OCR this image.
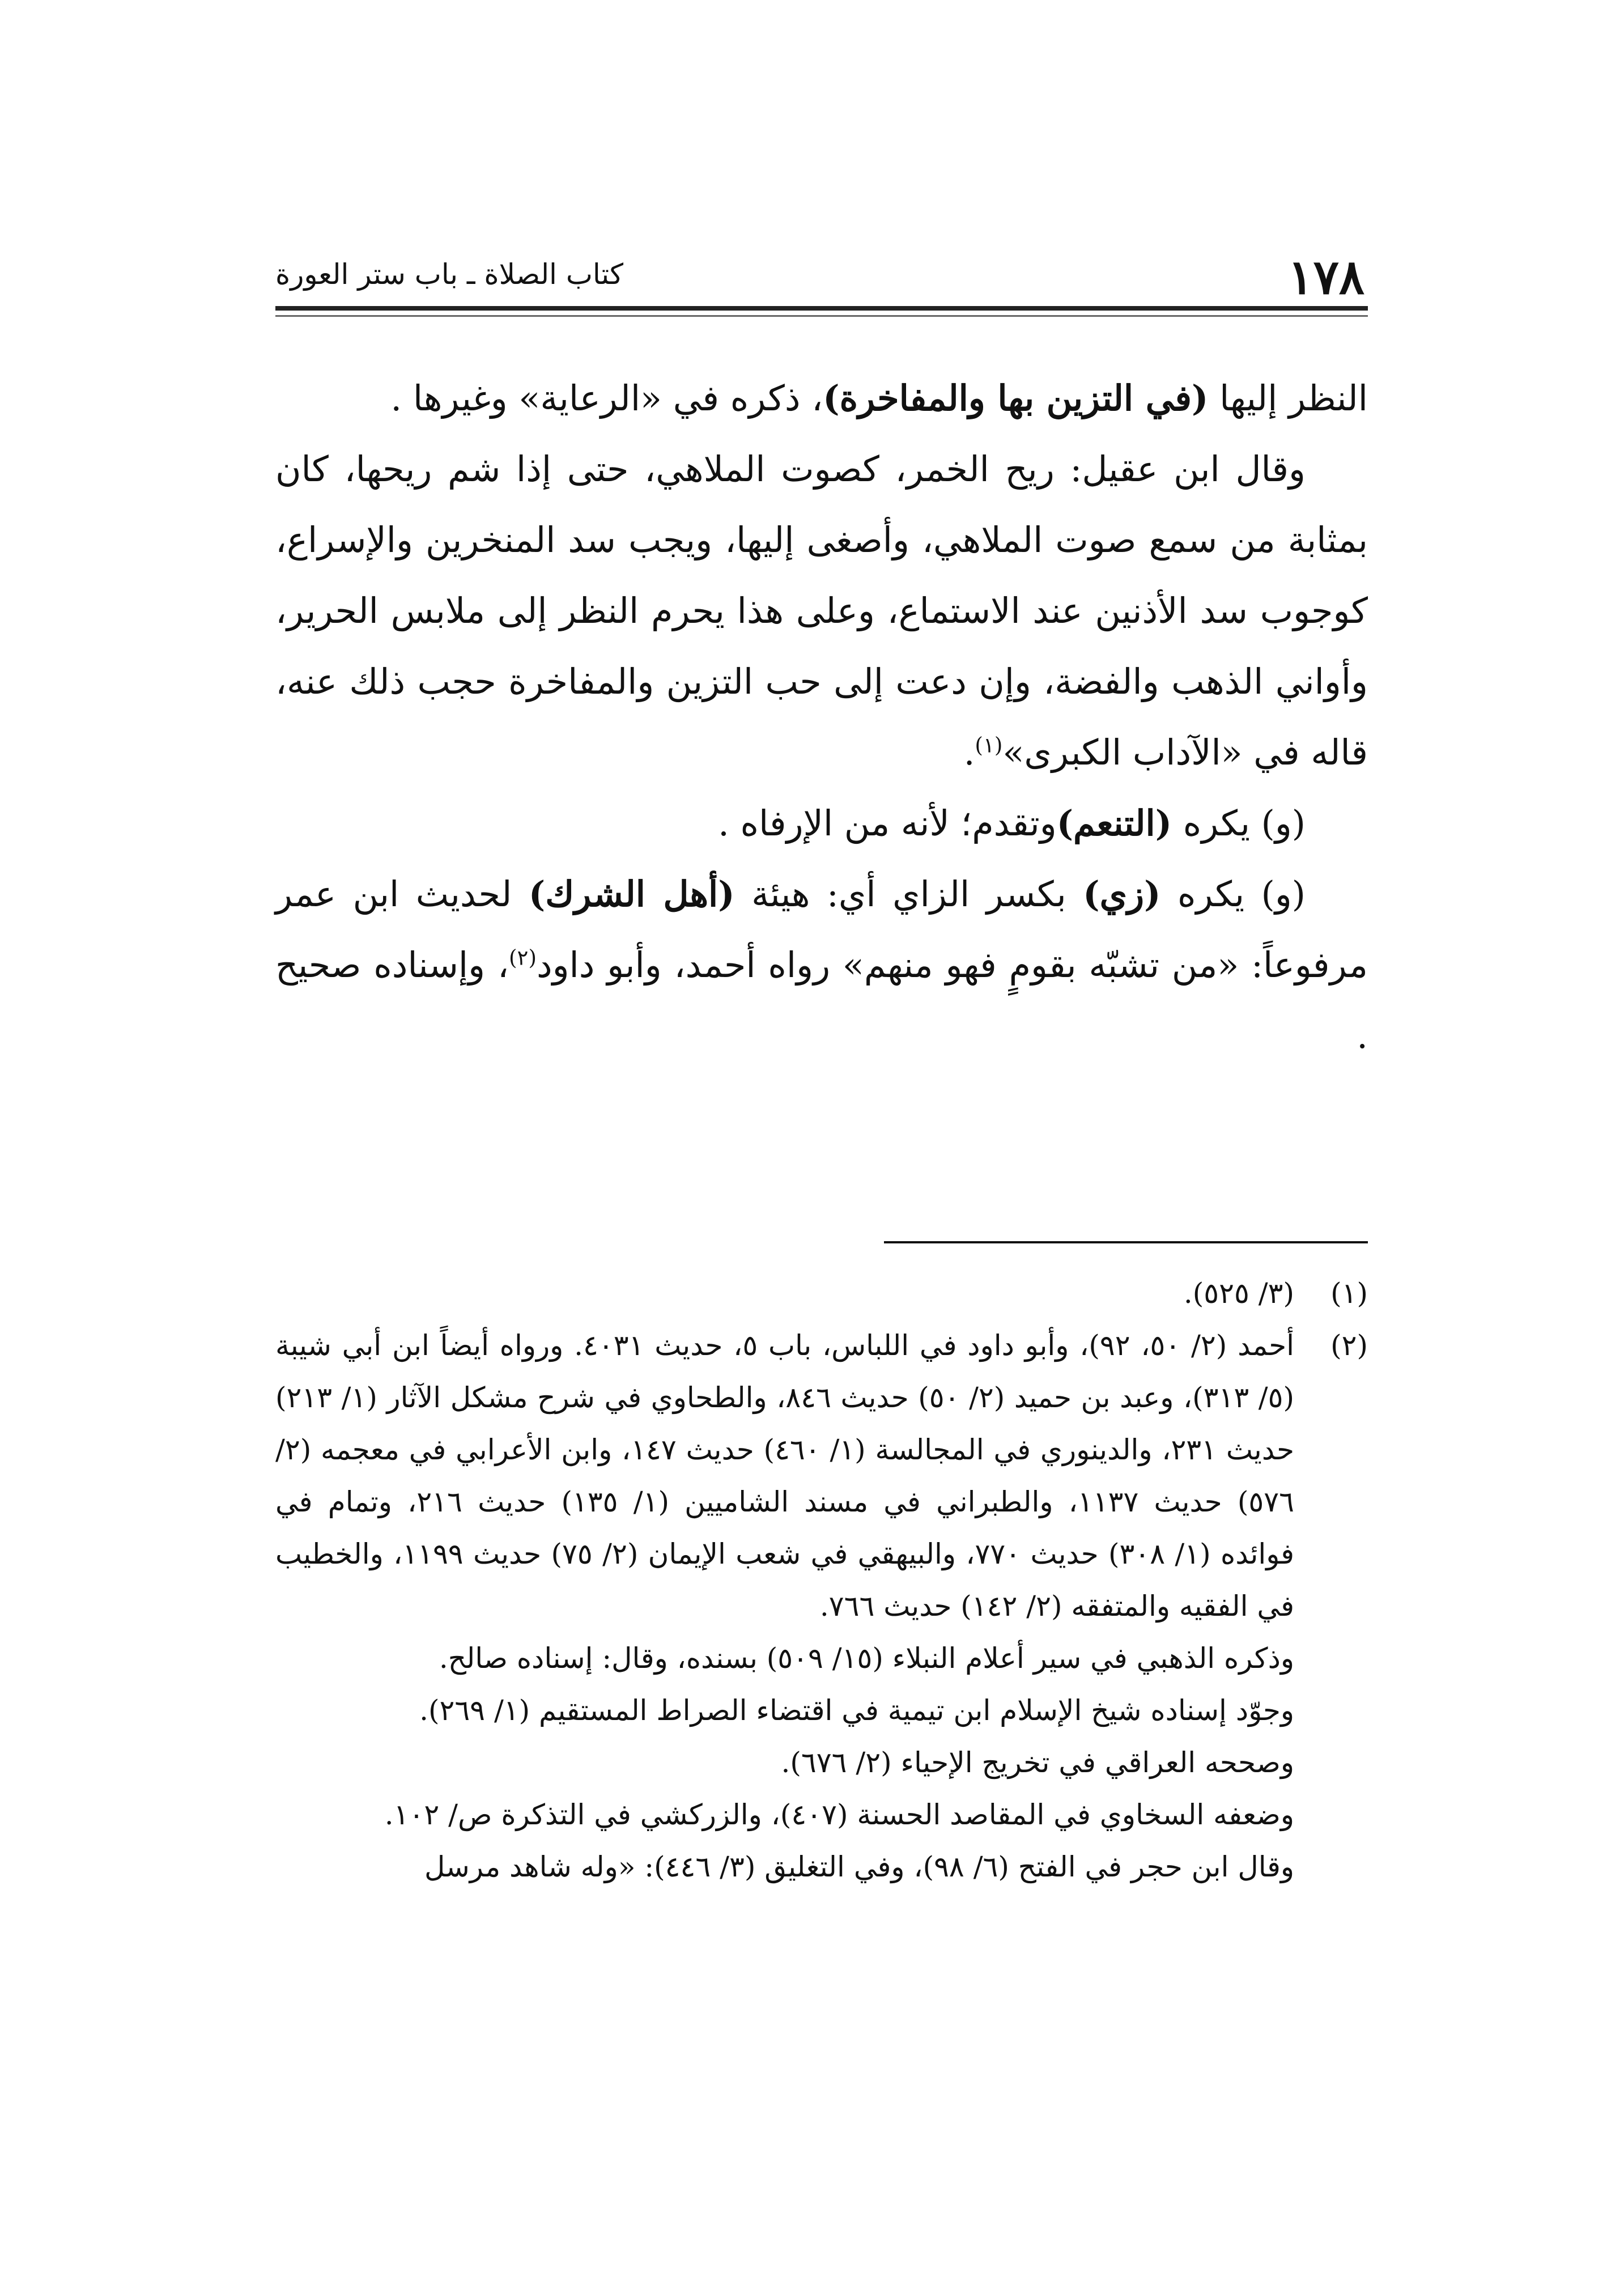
١٧٨
كتاب الصلاة ـ باب ستر العورة

النظر إليها (في التزين بها والمفاخرة)، ذكره في «الرعاية» وغيرها .

وقال ابن عقيل: ريح الخمر، كصوت الملاهي، حتى إذا شم ريحها، كان بمثابة من سمع صوت الملاهي، وأصغى إليها، ويجب سد المنخرين والإسراع، كوجوب سد الأذنين عند الاستماع، وعلى هذا يحرم النظر إلى ملابس الحرير، وأواني الذهب والفضة، وإن دعت إلى حب التزين والمفاخرة حجب ذلك عنه، قاله في «الآداب الكبرى»$^{(١)}$.

(و) يكره (التنعم)وتقدم؛ لأنه من الإرفاه .

(و) يكره (زي) بكسر الزاي أي: هيئة (أهل الشرك) لحديث ابن عمر مرفوعاً: «من تشبّه بقومٍ فهو منهم» رواه أحمد، وأبو داود$^{(٢)}$، وإسناده صحيح .

(١)

(٣/ ٥٢٥).

(٢)

أحمد (٢/ ٥٠، ٩٢)، وأبو داود في اللباس، باب ٥، حديث ٤٠٣١. ورواه أيضاً ابن أبي شيبة (٥/ ٣١٣)، وعبد بن حميد (٢/ ٥٠) حديث ٨٤٦، والطحاوي في شرح مشكل الآثار (١/ ٢١٣) حديث ٢٣١، والدينوري في المجالسة (١/ ٤٦٠) حديث ١٤٧، وابن الأعرابي في معجمه (٢/ ٥٧٦) حديث ١١٣٧، والطبراني في مسند الشاميين (١/ ١٣٥) حديث ٢١٦، وتمام في فوائده (١/ ٣٠٨) حديث ٧٧٠، والبيهقي في شعب الإيمان (٢/ ٧٥) حديث ١١٩٩، والخطيب في الفقيه والمتفقه (٢/ ١٤٢) حديث ٧٦٦.

وذكره الذهبي في سير أعلام النبلاء (١٥/ ٥٠٩) بسنده، وقال: إسناده صالح.

وجوّد إسناده شيخ الإسلام ابن تيمية في اقتضاء الصراط المستقيم (١/ ٢٦٩).

وصححه العراقي في تخريج الإحياء (٢/ ٦٧٦).

وضعفه السخاوي في المقاصد الحسنة (٤٠٧)، والزركشي في التذكرة ص/ ١٠٢.

وقال ابن حجر في الفتح (٦/ ٩٨)، وفي التغليق (٣/ ٤٤٦): «وله شاهد مرسل
